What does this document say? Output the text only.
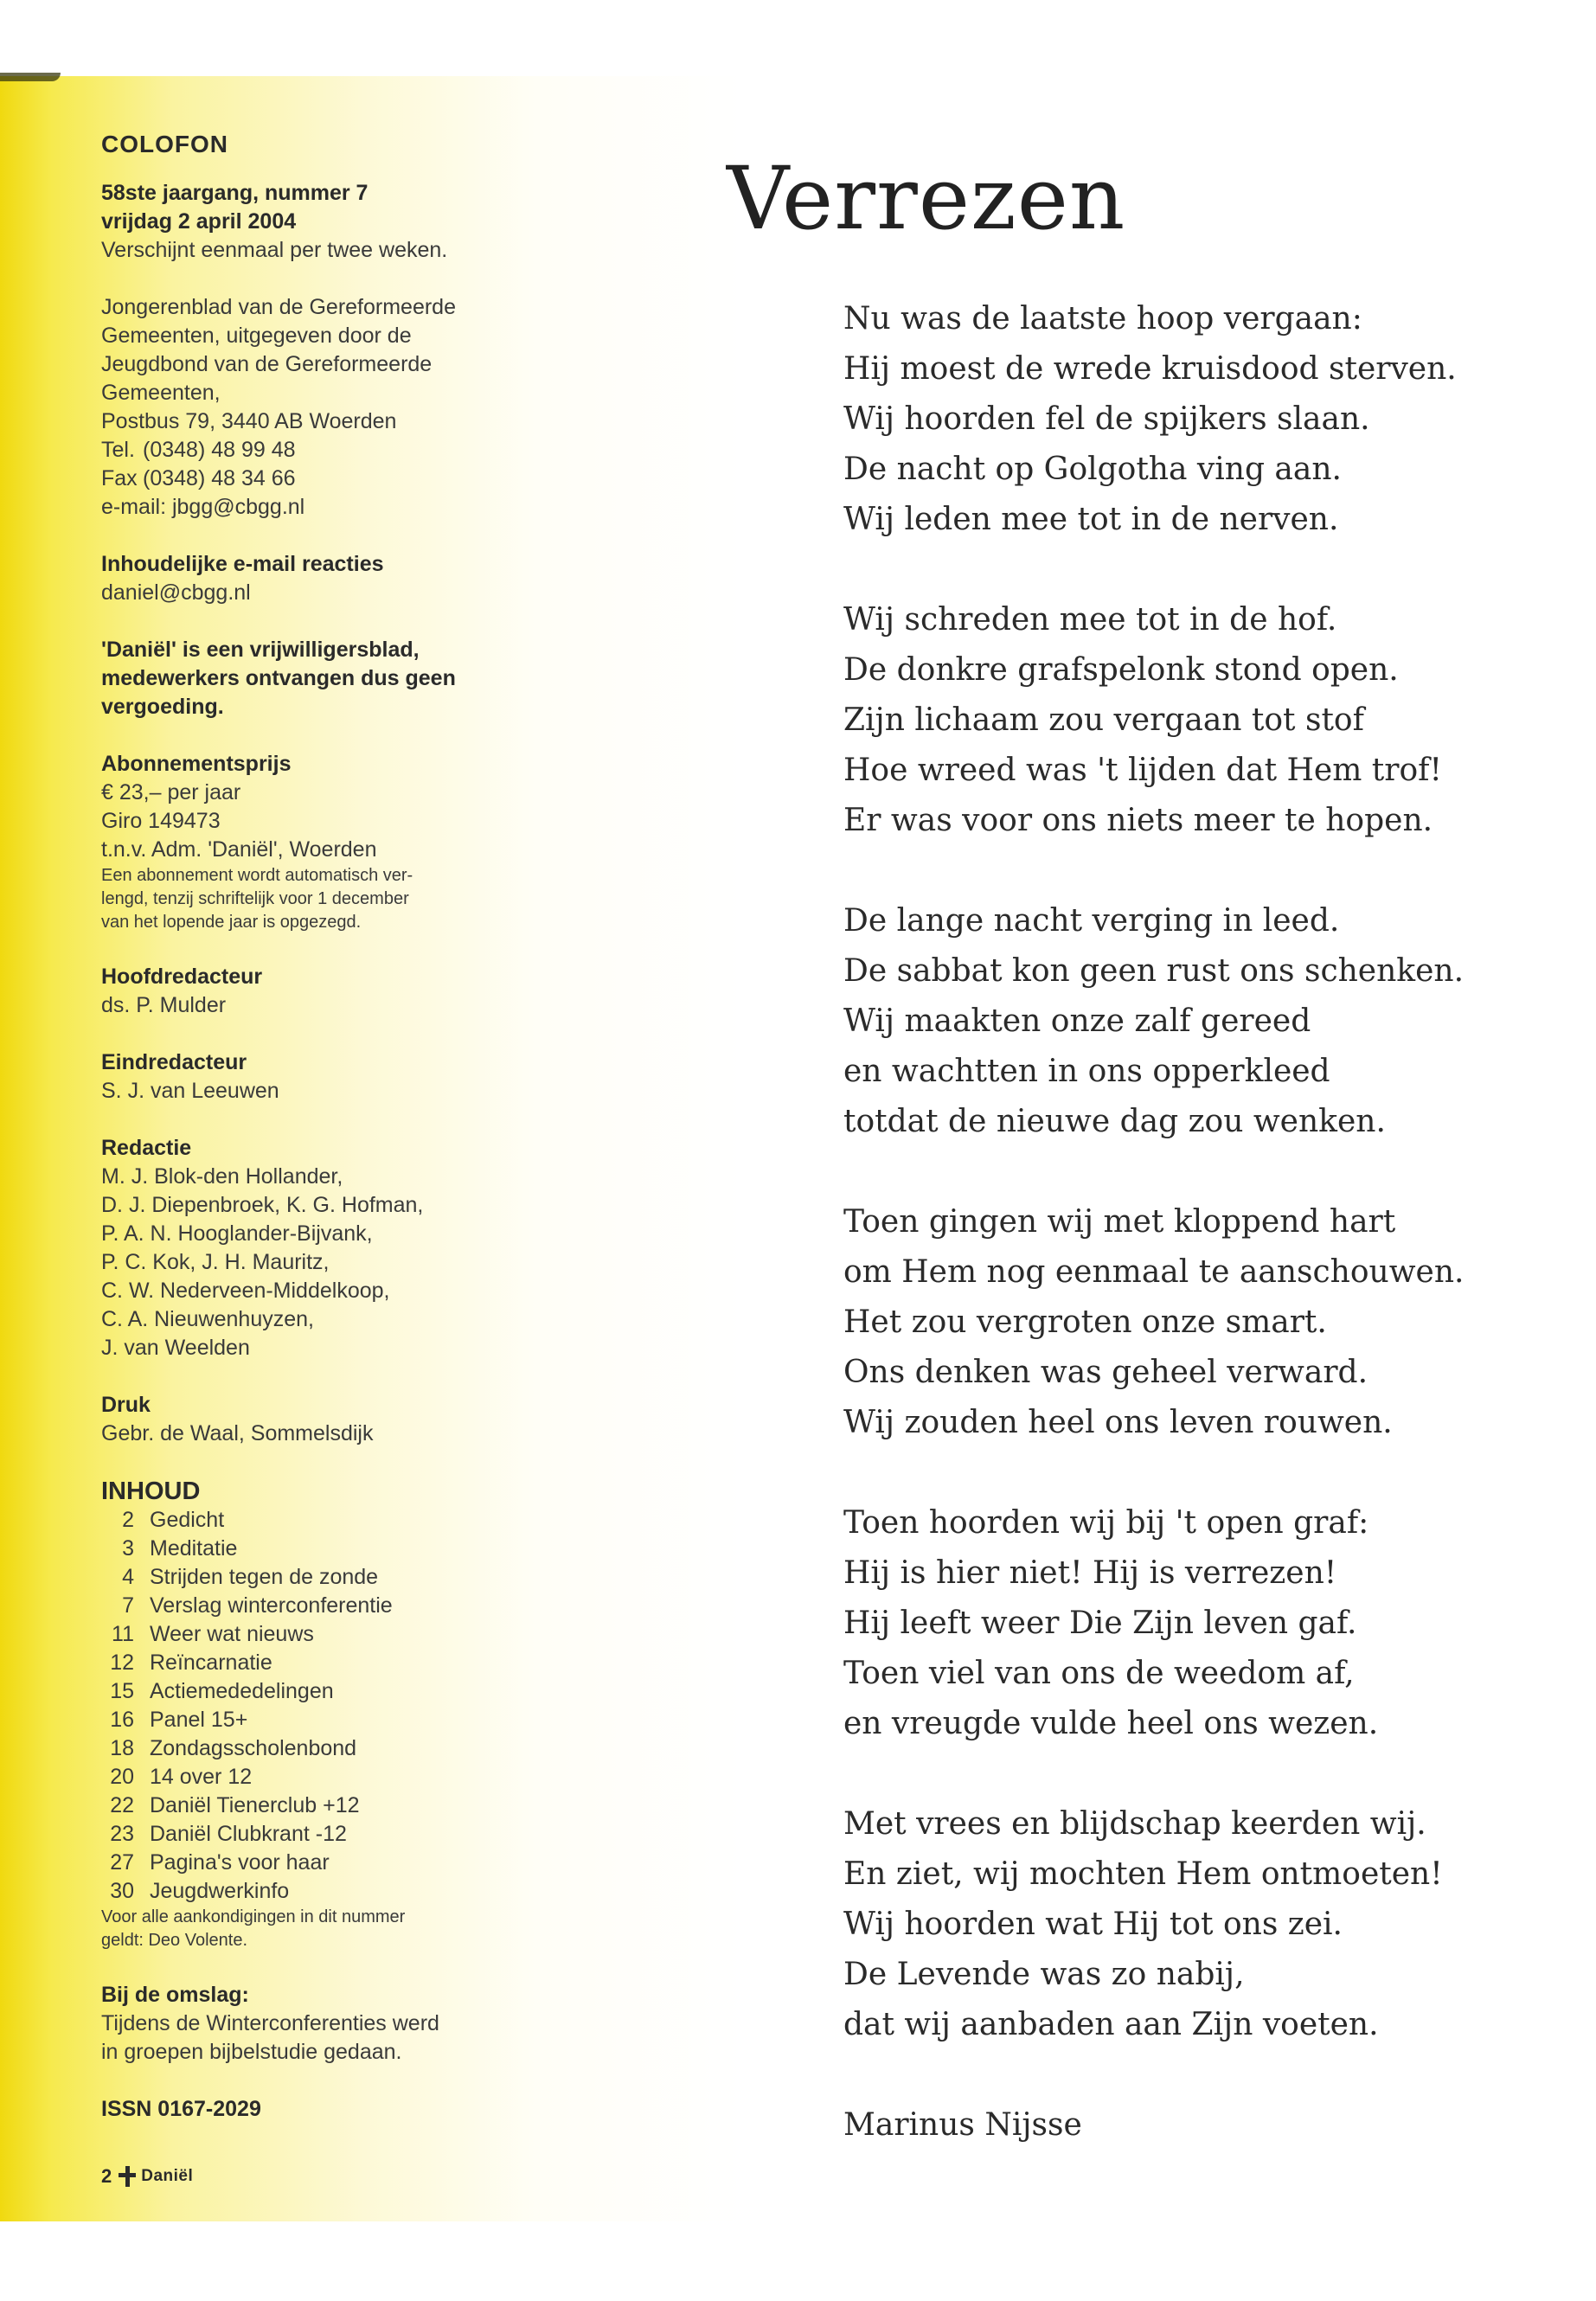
COLOFON
58ste jaargang, nummer 7
vrijdag 2 april 2004
Verschijnt eenmaal per twee weken.
Jongerenblad van de Gereformeerde
Gemeenten, uitgegeven door de
Jeugdbond van de Gereformeerde
Gemeenten,
Postbus 79, 3440 AB Woerden
Tel. (0348) 48 99 48
Fax (0348) 48 34 66
e-mail: jbgg@cbgg.nl
Inhoudelijke e-mail reacties
daniel@cbgg.nl
'Daniël' is een vrijwilligersblad,
medewerkers ontvangen dus geen
vergoeding.
Abonnementsprijs
€ 23,– per jaar
Giro 149473
t.n.v. Adm. 'Daniël', Woerden
Een abonnement wordt automatisch ver-
lengd, tenzij schriftelijk voor 1 december
van het lopende jaar is opgezegd.
Hoofdredacteur
ds. P. Mulder
Eindredacteur
S. J. van Leeuwen
Redactie
M. J. Blok-den Hollander,
D. J. Diepenbroek, K. G. Hofman,
P. A. N. Hooglander-Bijvank,
P. C. Kok, J. H. Mauritz,
C. W. Nederveen-Middelkoop,
C. A. Nieuwenhuyzen,
J. van Weelden
Druk
Gebr. de Waal, Sommelsdijk
INHOUD
2 Gedicht
3 Meditatie
4 Strijden tegen de zonde
7 Verslag winterconferentie
11 Weer wat nieuws
12 Reïncarnatie
15 Actiemededelingen
16 Panel 15+
18 Zondagsscholenbond
20 14 over 12
22 Daniël Tienerclub +12
23 Daniël Clubkrant -12
27 Pagina's voor haar
30 Jeugdwerkinfo
Voor alle aankondigingen in dit nummer
geldt: Deo Volente.
Bij de omslag:
Tijdens de Winterconferenties werd
in groepen bijbelstudie gedaan.
ISSN 0167-2029
2 Daniël
Verrezen
Nu was de laatste hoop vergaan:
Hij moest de wrede kruisdood sterven.
Wij hoorden fel de spijkers slaan.
De nacht op Golgotha ving aan.
Wij leden mee tot in de nerven.
Wij schreden mee tot in de hof.
De donkre grafspelonk stond open.
Zijn lichaam zou vergaan tot stof
Hoe wreed was 't lijden dat Hem trof!
Er was voor ons niets meer te hopen.
De lange nacht verging in leed.
De sabbat kon geen rust ons schenken.
Wij maakten onze zalf gereed
en wachtten in ons opperkleed
totdat de nieuwe dag zou wenken.
Toen gingen wij met kloppend hart
om Hem nog eenmaal te aanschouwen.
Het zou vergroten onze smart.
Ons denken was geheel verward.
Wij zouden heel ons leven rouwen.
Toen hoorden wij bij 't open graf:
Hij is hier niet! Hij is verrezen!
Hij leeft weer Die Zijn leven gaf.
Toen viel van ons de weedom af,
en vreugde vulde heel ons wezen.
Met vrees en blijdschap keerden wij.
En ziet, wij mochten Hem ontmoeten!
Wij hoorden wat Hij tot ons zei.
De Levende was zo nabij,
dat wij aanbaden aan Zijn voeten.
Marinus Nijsse
